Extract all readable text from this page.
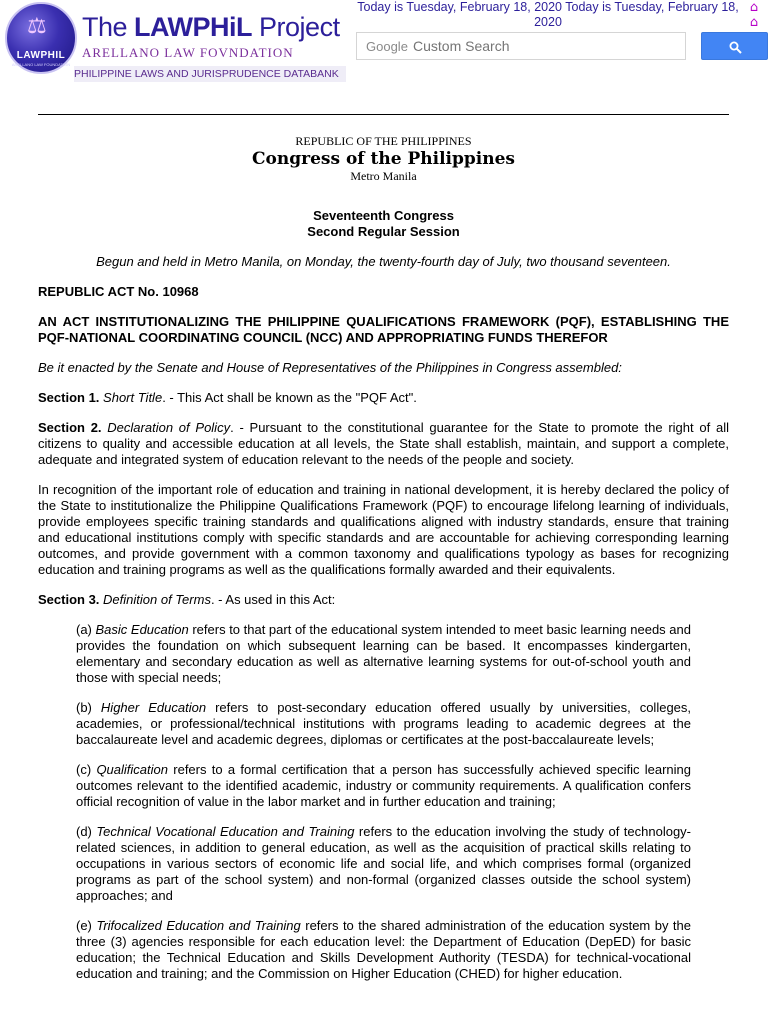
⚖
LAWPHIL
ARELLANO LAW FOUNDATION
The LAWPHiL Project
ARELLANO LAW FOVNDATION
PHILIPPINE LAWS AND JURISPRUDENCE DATABANK
Today is Tuesday, February 18, 2020 Today is Tuesday, February 18, 2020
⌂
⌂
Custom Search
Google
REPUBLIC OF THE PHILIPPINES
Congress of the Philippines
Metro Manila
Seventeenth Congress
Second Regular Session
Begun and held in Metro Manila, on Monday, the twenty-fourth day of July, two thousand seventeen.
REPUBLIC ACT No. 10968
AN ACT INSTITUTIONALIZING THE PHILIPPINE QUALIFICATIONS FRAMEWORK (PQF), ESTABLISHING THE PQF-NATIONAL COORDINATING COUNCIL (NCC) AND APPROPRIATING FUNDS THEREFOR
Be it enacted by the Senate and House of Representatives of the Philippines in Congress assembled:

Section 1. Short Title. - This Act shall be known as the "PQF Act".

Section 2. Declaration of Policy. - Pursuant to the constitutional guarantee for the State to promote the right of all citizens to quality and accessible education at all levels, the State shall establish, maintain, and support a complete, adequate and integrated system of education relevant to the needs of the people and society.

In recognition of the important role of education and training in national development, it is hereby declared the policy of the State to institutionalize the Philippine Qualifications Framework (PQF) to encourage lifelong learning of individuals, provide employees specific training standards and qualifications aligned with industry standards, ensure that training and educational institutions comply with specific standards and are accountable for achieving corresponding learning outcomes, and provide government with a common taxonomy and qualifications typology as bases for recognizing education and training programs as well as the qualifications formally awarded and their equivalents.

Section 3. Definition of Terms. - As used in this Act:

(a) Basic Education refers to that part of the educational system intended to meet basic learning needs and provides the foundation on which subsequent learning can be based. It encompasses kindergarten, elementary and secondary education as well as alternative learning systems for out-of-school youth and those with special needs;

(b) Higher Education refers to post-secondary education offered usually by universities, colleges, academies, or professional/technical institutions with programs leading to academic degrees at the baccalaureate level and academic degrees, diplomas or certificates at the post-baccalaureate levels;

(c) Qualification refers to a formal certification that a person has successfully achieved specific learning outcomes relevant to the identified academic, industry or community requirements. A qualification confers official recognition of value in the labor market and in further education and training;

(d) Technical Vocational Education and Training refers to the education involving the study of technology-related sciences, in addition to general education, as well as the acquisition of practical skills relating to occupations in various sectors of economic life and social life, and which comprises formal (organized programs as part of the school system) and non-formal (organized classes outside the school system) approaches; and

(e) Trifocalized Education and Training refers to the shared administration of the education system by the three (3) agencies responsible for each education level: the Department of Education (DepED) for basic education; the Technical Education and Skills Development Authority (TESDA) for technical-vocational education and training; and the Commission on Higher Education (CHED) for higher education.
